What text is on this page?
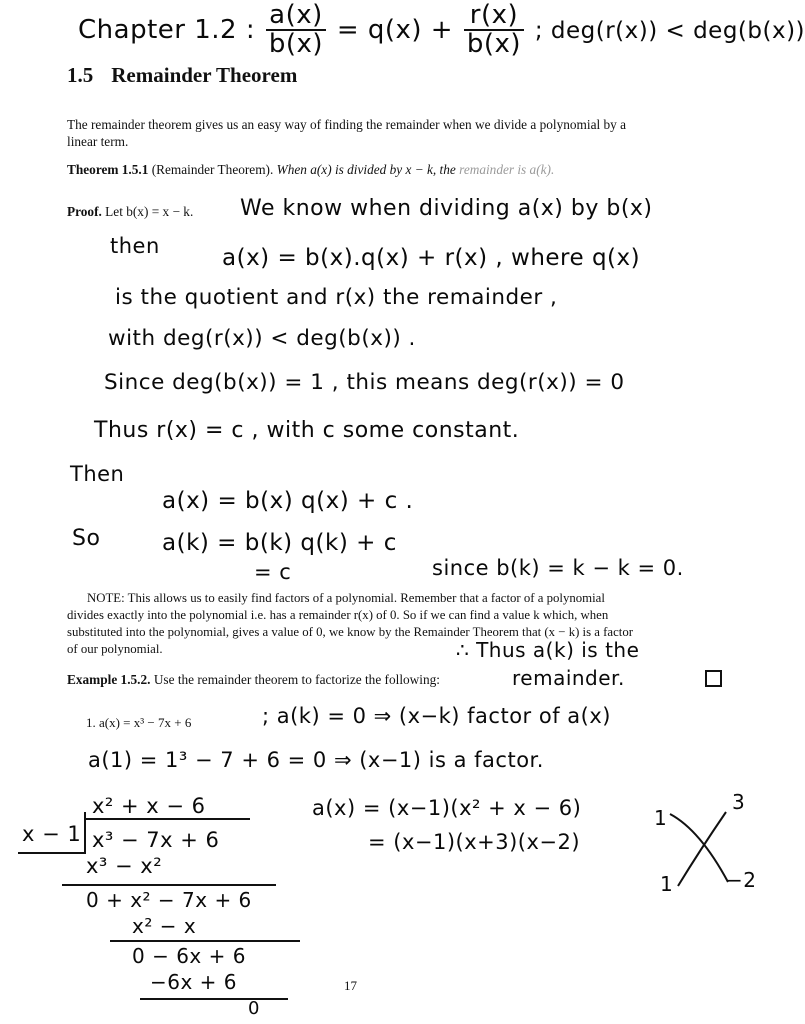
Chapter 1.2 : $\frac{a(x)}{b(x)} = q(x) + \frac{r(x)}{b(x)}$ ; deg(r(x)) < deg(b(x))
1.5 Remainder Theorem
The remainder theorem gives us an easy way of finding the remainder when we divide a polynomial by a linear term.
Theorem 1.5.1 (Remainder Theorem). When a(x) is divided by x − k, the remainder is a(k).
Proof. Let b(x) = x − k. We know when dividing a(x) by b(x)
then	a(x) = b(x).q(x) + r(x) , where q(x)
is the quotient and r(x) the remainder ,
with deg(r(x)) < deg(b(x)) .
Since deg(b(x)) = 1 , this means deg(r(x)) = 0
Thus r(x) = c , with c some constant.
Then
a(x) = b(x) q(x) + c .
So	a(k) = b(k) q(k) + c
= c	since b(k) = k − k = 0.
NOTE: This allows us to easily find factors of a polynomial. Remember that a factor of a polynomial divides exactly into the polynomial i.e. has a remainder r(x) of 0. So if we can find a value k which, when substituted into the polynomial, gives a value of 0, we know by the Remainder Theorem that (x − k) is a factor of our polynomial.	∴ Thus a(k) is the
Example 1.5.2. Use the remainder theorem to factorize the following:	remainder.
1. a(x) = x³ − 7x + 6	; a(k) = 0 ⇒ (x−k) factor of a(x)
a(1) = 1³ − 7 + 6 = 0 ⇒ (x−1) is a factor.
x² + x − 6
x − 1 x³ − 7x + 6
x³ − x²
0 + x² − 7x + 6
x² − x
0 − 6x + 6
−6x + 6
0
a(x) = (x−1)(x² + x − 6)
= (x−1)(x+3)(x−2)
1
3
1	−2
17
